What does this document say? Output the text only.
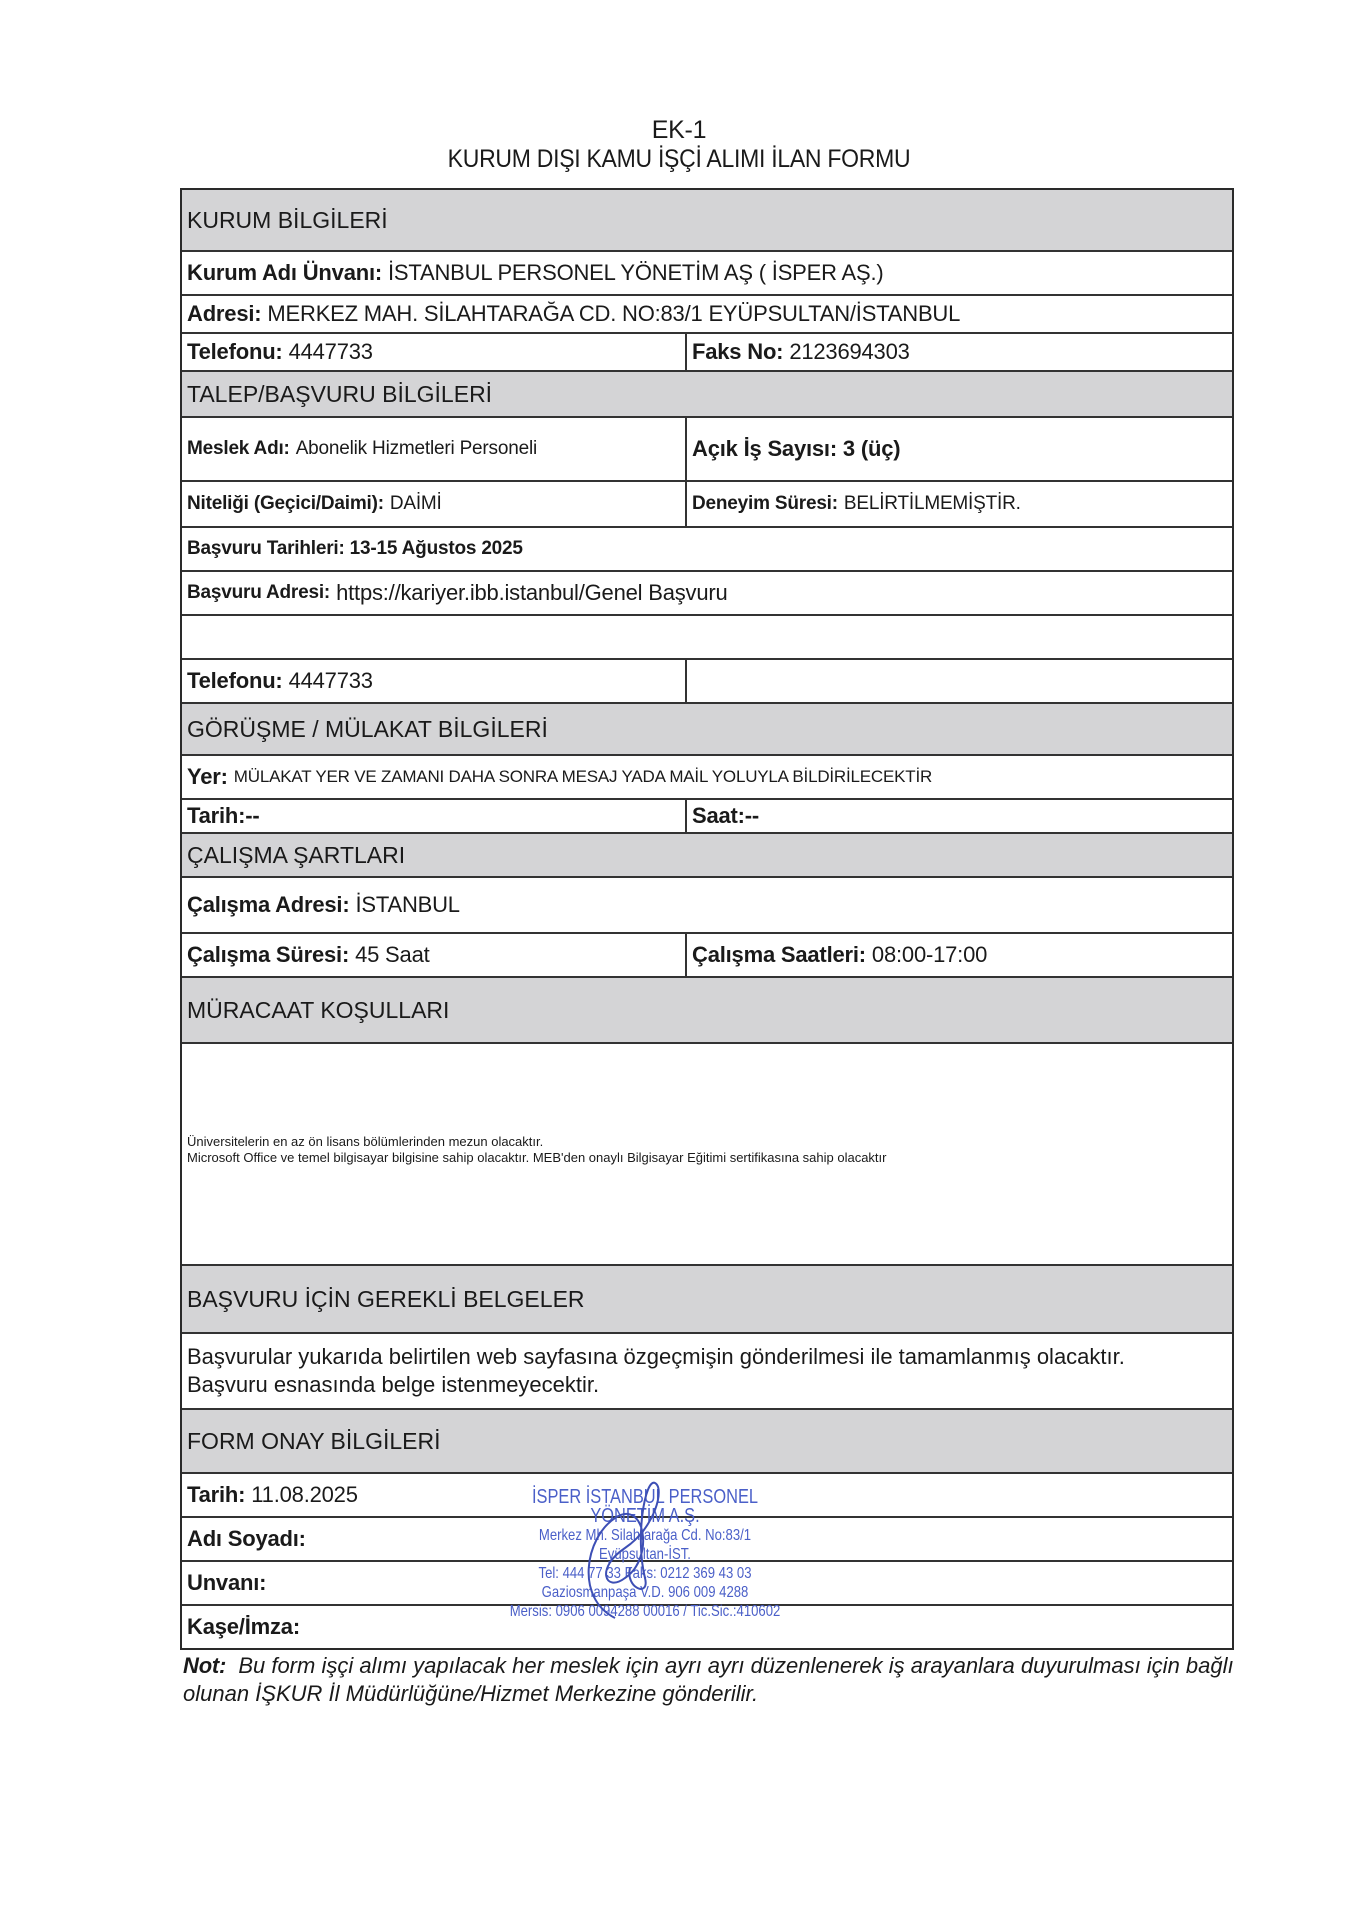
EK-1
KURUM DIŞI KAMU İŞÇİ ALIMI İLAN FORMU
KURUM BİLGİLERİ
Kurum Adı Ünvanı: İSTANBUL PERSONEL YÖNETİM AŞ ( İSPER AŞ.)
Adresi: MERKEZ MAH. SİLAHTARAĞA CD. NO:83/1 EYÜPSULTAN/İSTANBUL
Telefonu: 4447733	Faks No: 2123694303
TALEP/BAŞVURU BİLGİLERİ
Meslek Adı: Abonelik Hizmetleri Personeli	Açık İş Sayısı: 3 (üç)
Niteliği (Geçici/Daimi): DAİMİ	Deneyim Süresi: BELİRTİLMEMİŞTİR.
Başvuru Tarihleri: 13-15 Ağustos 2025
Başvuru Adresi: https://kariyer.ibb.istanbul/Genel Başvuru
Telefonu: 4447733
GÖRÜŞME / MÜLAKAT BİLGİLERİ
Yer: MÜLAKAT YER VE ZAMANI DAHA SONRA MESAJ YADA MAİL YOLUYLA BİLDİRİLECEKTİR
Tarih:--	Saat:--
ÇALIŞMA ŞARTLARI
Çalışma Adresi: İSTANBUL
Çalışma Süresi: 45 Saat	Çalışma Saatleri: 08:00-17:00
MÜRACAAT KOŞULLARI
Üniversitelerin en az ön lisans bölümlerinden mezun olacaktır.
Microsoft Office ve temel bilgisayar bilgisine sahip olacaktır. MEB'den onaylı Bilgisayar Eğitimi sertifikasına sahip olacaktır
BAŞVURU İÇİN GEREKLİ BELGELER
Başvurular yukarıda belirtilen web sayfasına özgeçmişin gönderilmesi ile tamamlanmış olacaktır.
Başvuru esnasında belge istenmeyecektir.
FORM ONAY BİLGİLERİ
Tarih: 11.08.2025
Adı Soyadı:
Unvanı:
Kaşe/İmza:
İSPER İSTANBUL PERSONEL YÖNETİM A.Ş.
Merkez Mh. Silahtarağa Cd. No:83/1 Eyüpsultan-İST.
Tel: 444 77 33 Faks: 0212 369 43 03
Gaziosmanpaşa V.D. 906 009 4288
Mersis: 0906 0094288 00016 / Tic.Sic.:410602
Not: Bu form işçi alımı yapılacak her meslek için ayrı ayrı düzenlenerek iş arayanlara duyurulması için bağlı olunan İŞKUR İl Müdürlüğüne/Hizmet Merkezine gönderilir.
